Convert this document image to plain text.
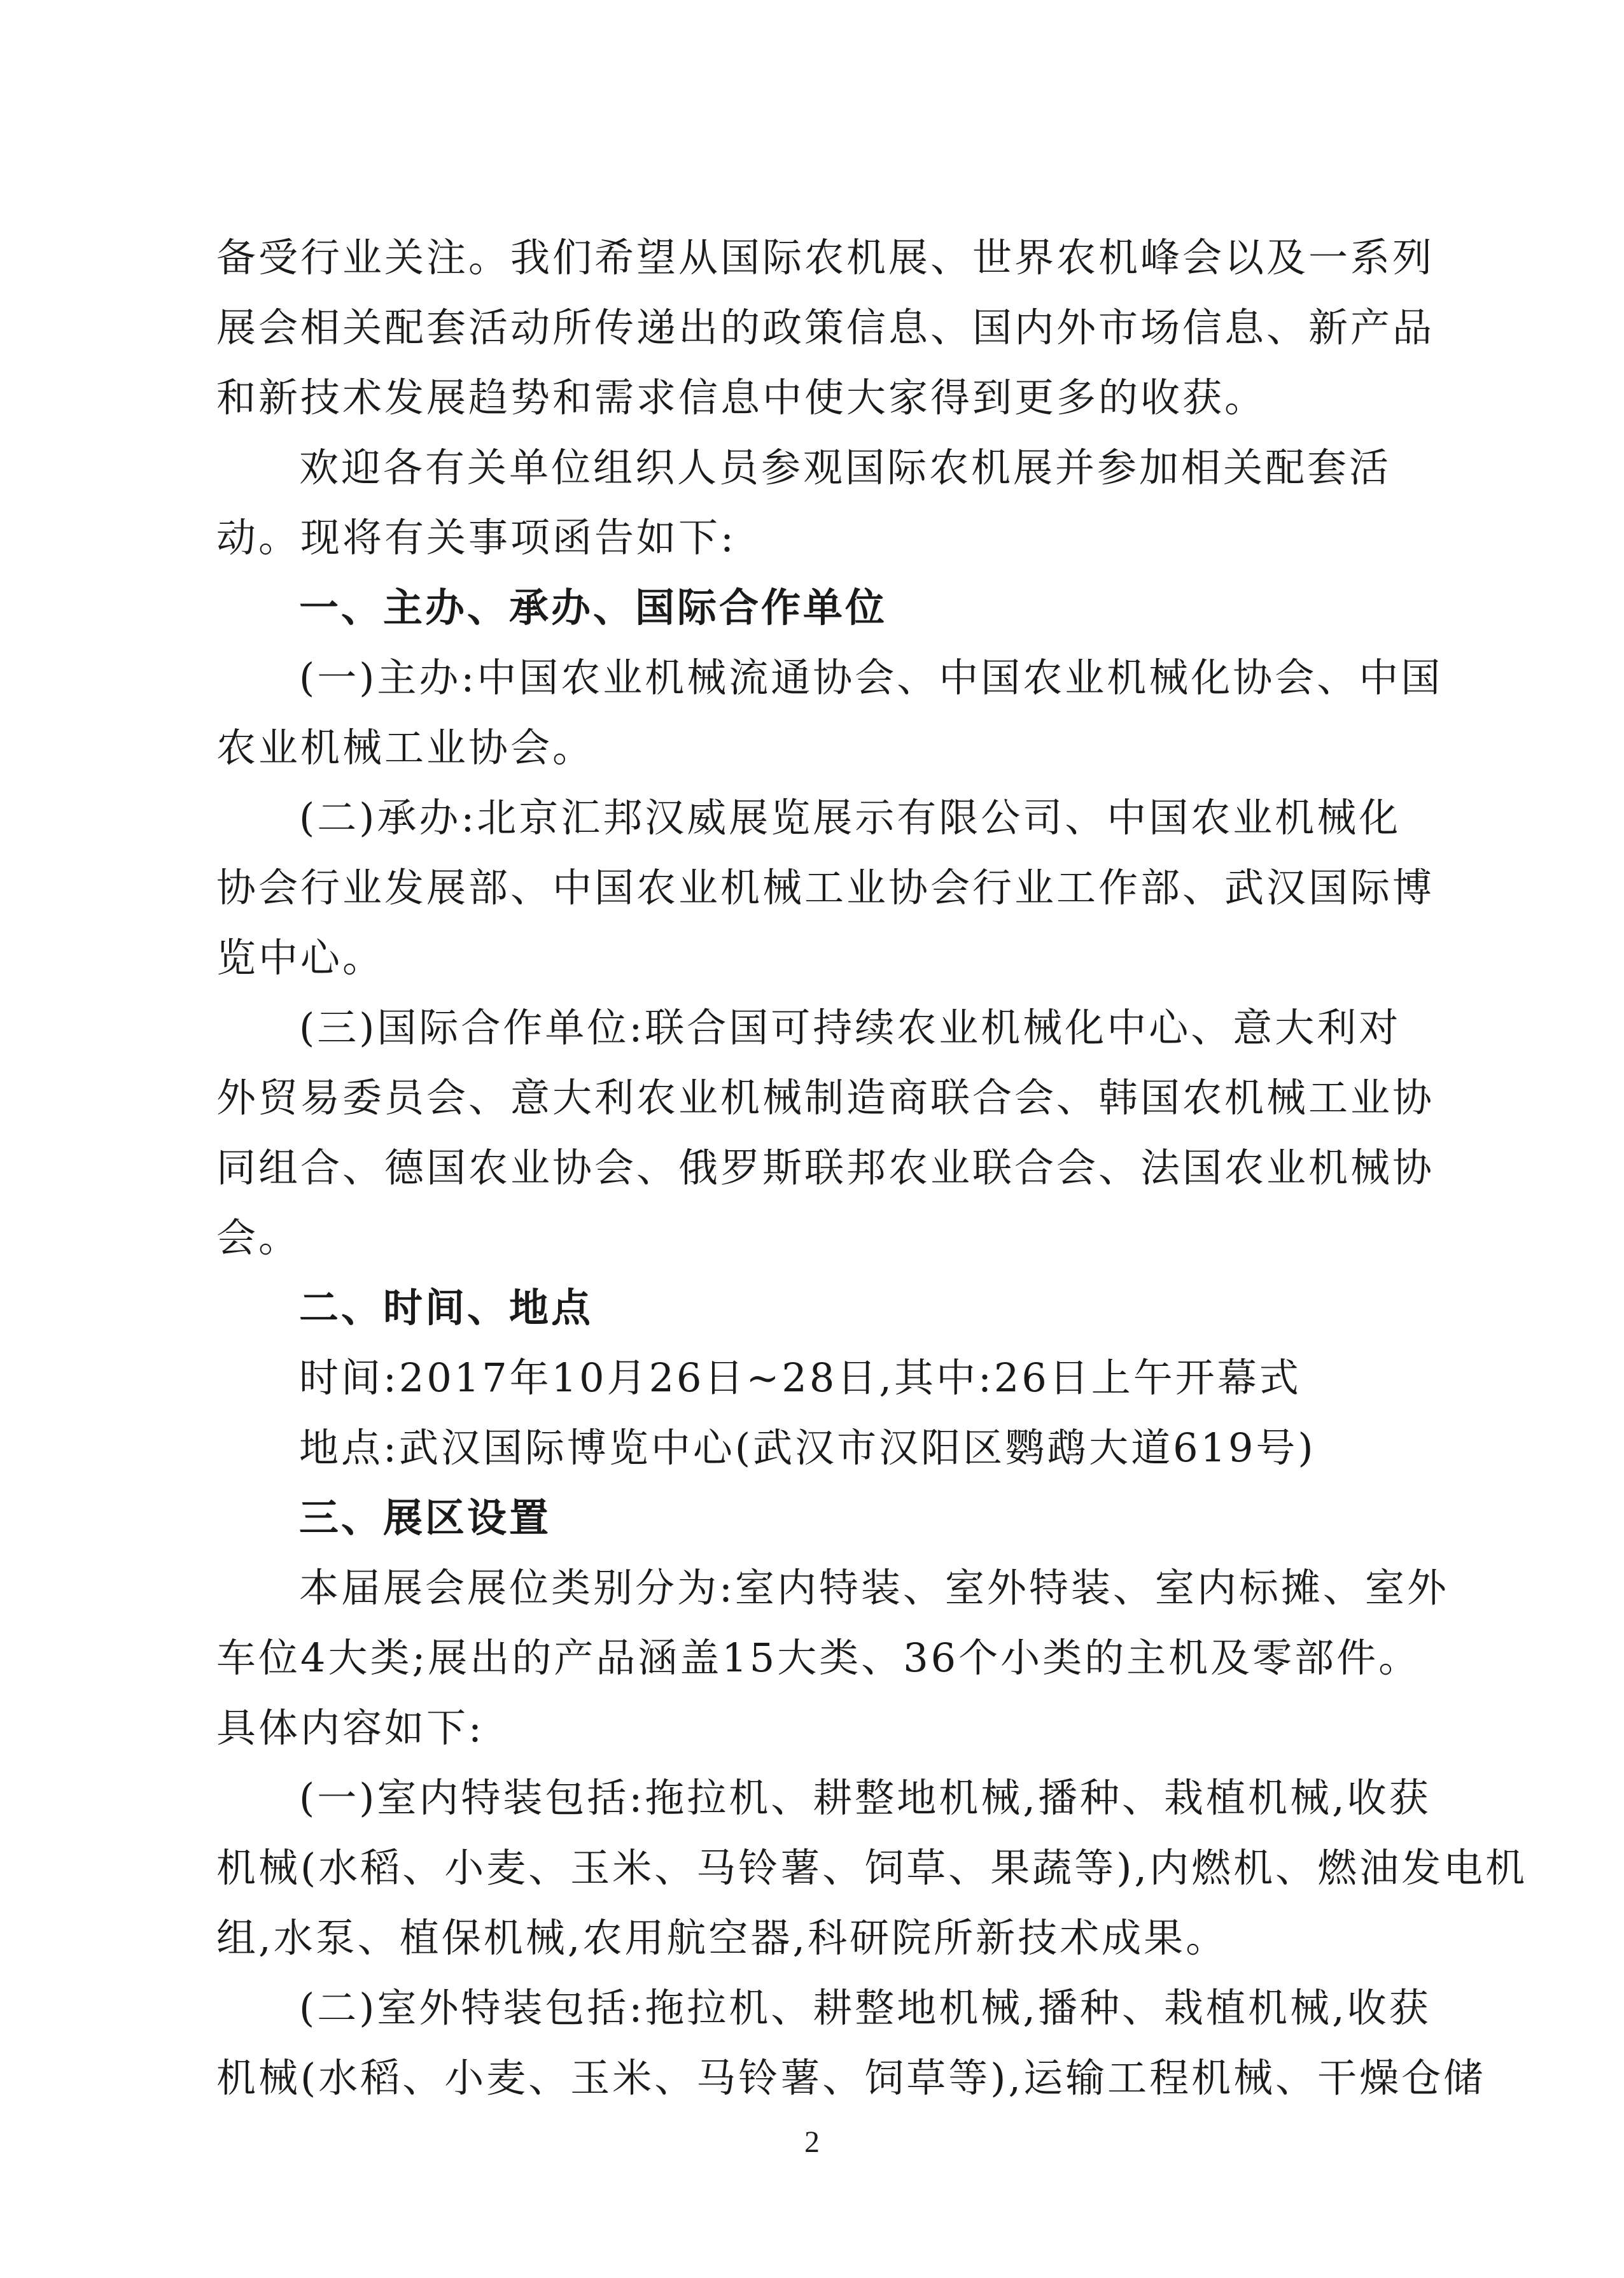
备受行业关注。我们希望从国际农机展、世界农机峰会以及一系列
展会相关配套活动所传递出的政策信息、国内外市场信息、新产品
和新技术发展趋势和需求信息中使大家得到更多的收获。
欢迎各有关单位组织人员参观国际农机展并参加相关配套活
动。现将有关事项函告如下:
一、主办、承办、国际合作单位
(一)主办:中国农业机械流通协会、中国农业机械化协会、中国
农业机械工业协会。
(二)承办:北京汇邦汉威展览展示有限公司、中国农业机械化
协会行业发展部、中国农业机械工业协会行业工作部、武汉国际博
览中心。
(三)国际合作单位:联合国可持续农业机械化中心、意大利对
外贸易委员会、意大利农业机械制造商联合会、韩国农机械工业协
同组合、德国农业协会、俄罗斯联邦农业联合会、法国农业机械协
会。
二、时间、地点
时间:2017年10月26日~28日,其中:26日上午开幕式
地点:武汉国际博览中心(武汉市汉阳区鹦鹉大道619号)
三、展区设置
本届展会展位类别分为:室内特装、室外特装、室内标摊、室外
车位4大类;展出的产品涵盖15大类、36个小类的主机及零部件。
具体内容如下:
(一)室内特装包括:拖拉机、耕整地机械,播种、栽植机械,收获
机械(水稻、小麦、玉米、马铃薯、饲草、果蔬等),内燃机、燃油发电机
组,水泵、植保机械,农用航空器,科研院所新技术成果。
(二)室外特装包括:拖拉机、耕整地机械,播种、栽植机械,收获
机械(水稻、小麦、玉米、马铃薯、饲草等),运输工程机械、干燥仓储
2
